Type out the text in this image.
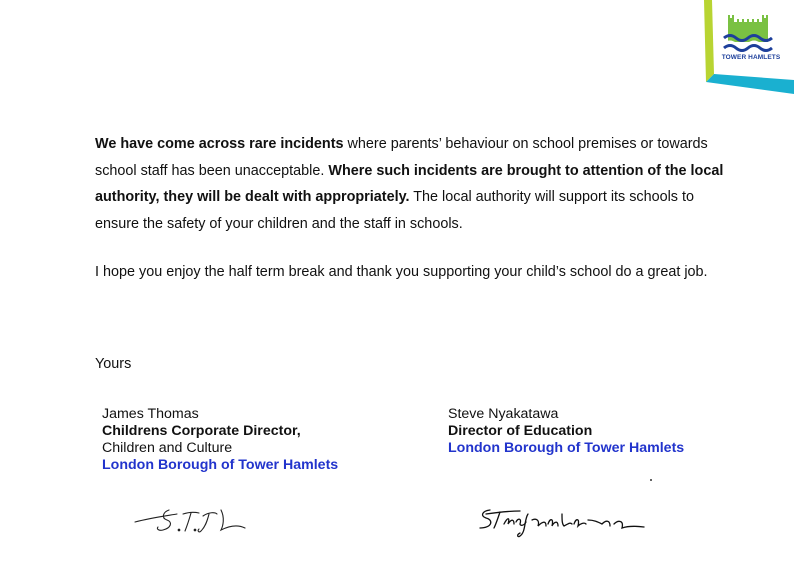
TOWER HAMLETS

We have come across rare incidents where parents’ behaviour on school premises or towards school staff has been unacceptable. Where such incidents are brought to attention of the local authority, they will be dealt with appropriately. The local authority will support its schools to ensure the safety of your children and the staff in schools.

I hope you enjoy the half term break and thank you supporting your child’s school do a great job.

Yours
James Thomas
Childrens Corporate Director,
Children and Culture
London Borough of Tower Hamlets
Steve Nyakatawa
Director of Education
London Borough of Tower Hamlets
